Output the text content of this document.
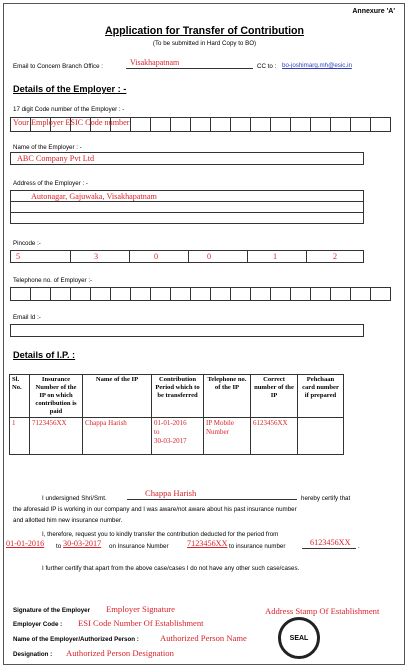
Annexure 'A'
Application for Transfer of Contribution
(To be submitted in Hard Copy to BO)
Email to Concern Branch Office :	Visakhapatnam	CC to : bo-joshimarg.mh@esic.in
Details of the Employer : -
17 digit Code number of the Employer : -
Your Employer ESIC Code number
Name of the Employer : -
ABC Company Pvt Ltd
Address of the Employer : -
Autonagar, Gajuwaka, Visakhapatnam
Pincode :-
5	3	0	0	1	2
Telephone no. of Employer :-
Email Id :-
Details of I.P. :
Sl. No.	Insurance Number of the IP on which contribution is paid	Name of the IP	Contribution Period which to be transferred	Telephone no. of the IP	Correct number of the IP	Pehchaan card number if prepared
1	7123456XX	Chappa Harish	01-01-2016
to
30-03-2017	IP Mobile Number	6123456XX	
I undersigned Shri/Smt.
Chappa Harish
hereby certify that
the aforesaid IP is working in our company and I was aware/not aware about his past insurance number
and allotted him new insurance number.
I, therefore, request you to kindly transfer the contribution deducted for the period from
01-01-2016 to 30-03-2017 on Insurance Number 7123456XX to insurance number	6123456XX .
I further certify that apart from the above case/cases I do not have any other such case/cases.
Signature of the Employer Employer Signature	Address Stamp Of Establishment
Employer Code : ESI Code Number Of Establishment
Name of the Employer/Authorized Person : Authorized Person Name
Designation : Authorized Person Designation
SEAL
